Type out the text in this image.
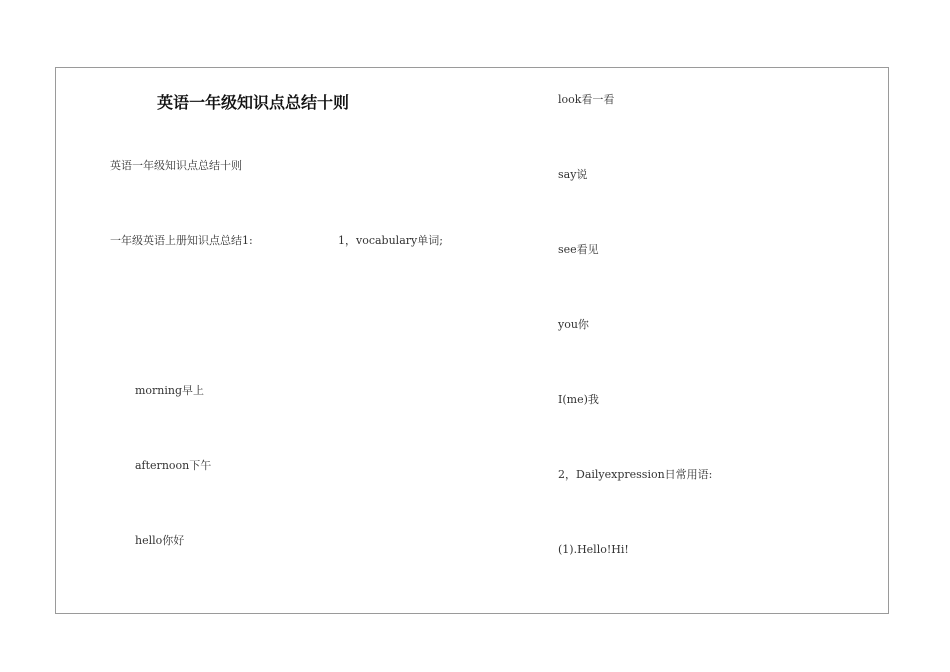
英语一年级知识点总结十则
英语一年级知识点总结十则
一年级英语上册知识点总结1:	1，vocabulary单词;
morning早上
afternoon下午
hello你好
look看一看
say说
see看见
you你
I(me)我
2，Dailyexpression日常用语:
(1).Hello!Hi!
